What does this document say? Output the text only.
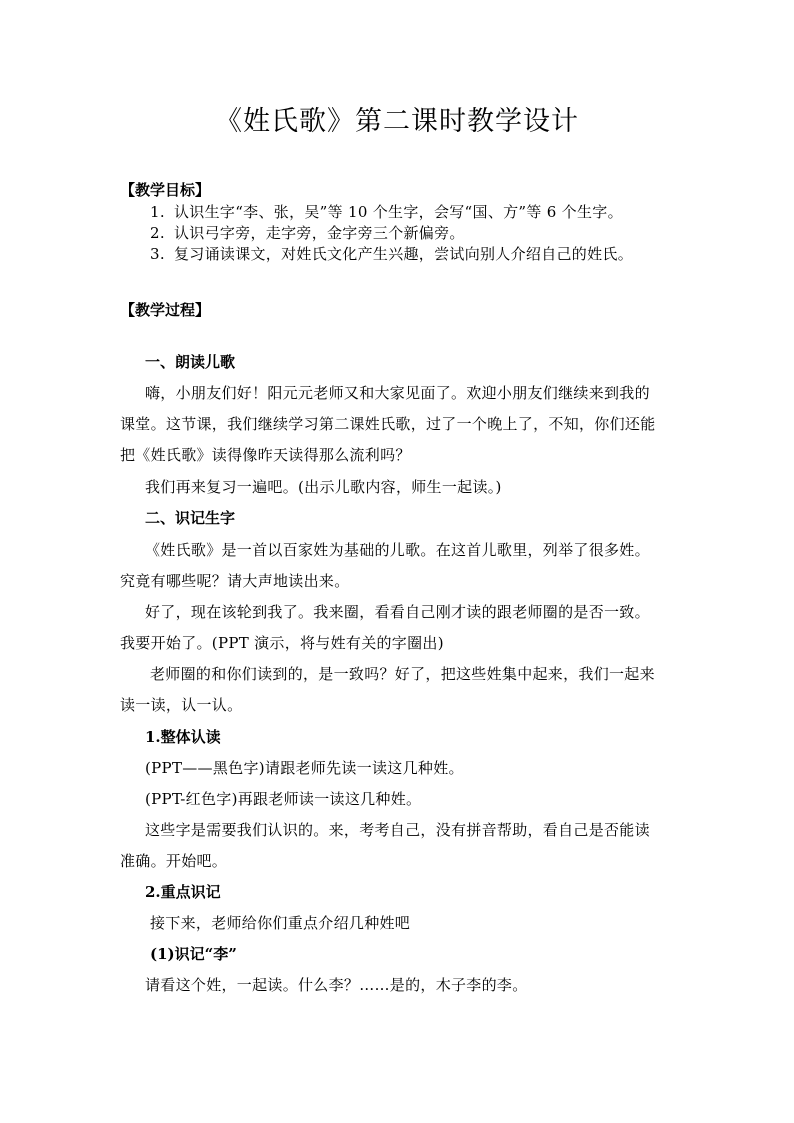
《姓氏歌》第二课时教学设计
【教学目标】
1. 认识生字“李、张，吴”等 10 个生字，会写“国、方”等 6 个生字。
2. 认识弓字旁，走字旁，金字旁三个新偏旁。
3. 复习诵读课文，对姓氏文化产生兴趣，尝试向别人介绍自己的姓氏。
【教学过程】
一、朗读儿歌
嗨，小朋友们好！阳元元老师又和大家见面了。欢迎小朋友们继续来到我的
课堂。这节课，我们继续学习第二课姓氏歌，过了一个晚上了，不知，你们还能
把《姓氏歌》读得像昨天读得那么流利吗？
我们再来复习一遍吧。(出示儿歌内容，师生一起读。)
二、识记生字
《姓氏歌》是一首以百家姓为基础的儿歌。在这首儿歌里，列举了很多姓。
究竟有哪些呢？请大声地读出来。
好了，现在该轮到我了。我来圈，看看自己刚才读的跟老师圈的是否一致。
我要开始了。(PPT 演示，将与姓有关的字圈出)
老师圈的和你们读到的，是一致吗？好了，把这些姓集中起来，我们一起来
读一读，认一认。
1.整体认读
(PPT——黑色字)请跟老师先读一读这几种姓。
(PPT-红色字)再跟老师读一读这几种姓。
这些字是需要我们认识的。来，考考自己，没有拼音帮助，看自己是否能读
准确。开始吧。
2.重点识记
接下来，老师给你们重点介绍几种姓吧
(1)识记“李”
请看这个姓，一起读。什么李？……是的，木子李的李。
